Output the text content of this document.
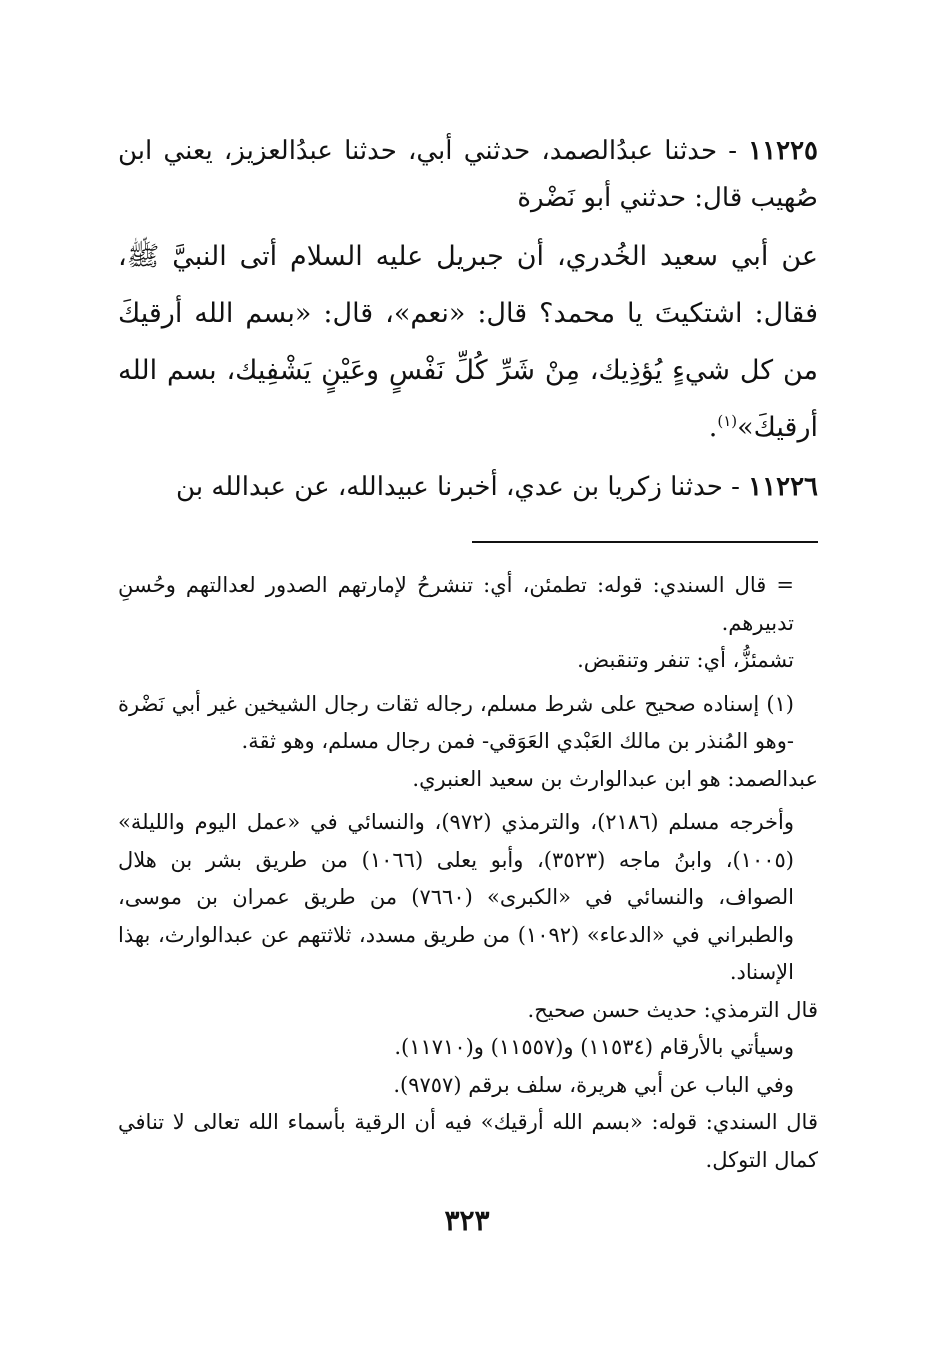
١١٢٢٥ - حدثنا عبدُالصمد، حدثني أبي، حدثنا عبدُالعزيز، يعني ابن صُهيب قال: حدثني أبو نَضْرة

عن أبي سعيد الخُدري، أن جبريل عليه السلام أتى النبيَّ ﷺ، فقال: اشتكيتَ يا محمد؟ قال: «نعم»، قال: «بسم الله أرقيكَ من كل شيءٍ يُؤذِيك، مِنْ شَرِّ كُلِّ نَفْسٍ وعَيْنٍ يَشْفِيك، بسم الله أرقيكَ»$^{(١)}$.

١١٢٢٦ - حدثنا زكريا بن عدي، أخبرنا عبيدالله، عن عبدالله بن

= قال السندي: قوله: تطمئن، أي: تنشرحُ لإمارتهم الصدور لعدالتهم وحُسنِ تدبيرهم.

تشمئزُّ، أي: تنفر وتنقبض.

(١) إسناده صحيح على شرط مسلم، رجاله ثقات رجال الشيخين غير أبي نَضْرة -وهو المُنذر بن مالك العَبْدي العَوَقي- فمن رجال مسلم، وهو ثقة.

عبدالصمد: هو ابن عبدالوارث بن سعيد العنبري.

وأخرجه مسلم (٢١٨٦)، والترمذي (٩٧٢)، والنسائي في «عمل اليوم والليلة» (١٠٠٥)، وابنُ ماجه (٣٥٢٣)، وأبو يعلى (١٠٦٦) من طريق بشر بن هلال الصواف، والنسائي في «الكبرى» (٧٦٦٠) من طريق عمران بن موسى، والطبراني في «الدعاء» (١٠٩٢) من طريق مسدد، ثلاثتهم عن عبدالوارث، بهذا الإسناد.

قال الترمذي: حديث حسن صحيح.

وسيأتي بالأرقام (١١٥٣٤) و(١١٥٥٧) و(١١٧١٠).

وفي الباب عن أبي هريرة، سلف برقم (٩٧٥٧).

قال السندي: قوله: «بسم الله أرقيك» فيه أن الرقية بأسماء الله تعالى لا تنافي كمال التوكل.

٣٢٣
